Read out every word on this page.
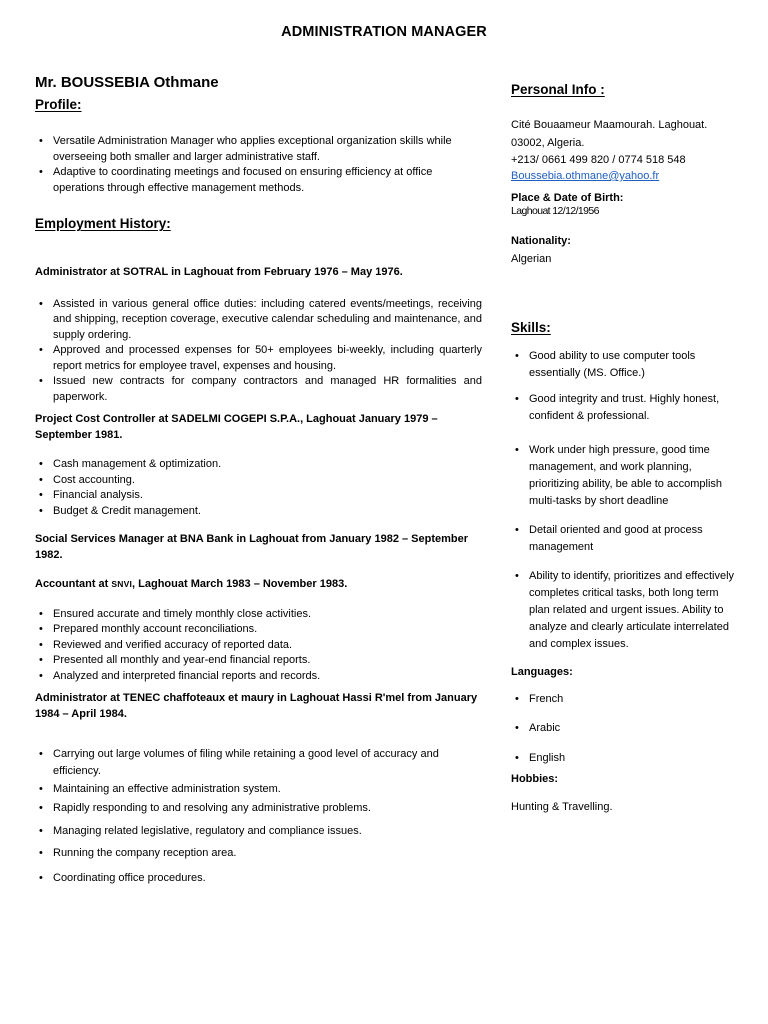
ADMINISTRATION MANAGER

Mr. BOUSSEBIA Othmane

Profile:

• Versatile Administration Manager who applies exceptional organization skills while overseeing both smaller and larger administrative staff.
• Adaptive to coordinating meetings and focused on ensuring efficiency at office operations through effective management methods.

Employment History:

Administrator at SOTRAL in Laghouat from February 1976 – May 1976.

• Assisted in various general office duties: including catered events/meetings, receiving and shipping, reception coverage, executive calendar scheduling and maintenance, and supply ordering.
• Approved and processed expenses for 50+ employees bi-weekly, including quarterly report metrics for employee travel, expenses and housing.
• Issued new contracts for company contractors and managed HR formalities and paperwork.

Project Cost Controller at SADELMI COGEPI S.P.A., Laghouat January 1979 – September 1981.

• Cash management & optimization.
• Cost accounting.
• Financial analysis.
• Budget & Credit management.

Social Services Manager at BNA Bank in Laghouat from January 1982 – September 1982.

Accountant at SNVI, Laghouat March 1983 – November 1983.

• Ensured accurate and timely monthly close activities.
• Prepared monthly account reconciliations.
• Reviewed and verified accuracy of reported data.
• Presented all monthly and year-end financial reports.
• Analyzed and interpreted financial reports and records.

Administrator at TENEC chaffoteaux et maury in Laghouat Hassi R'mel from January 1984 – April 1984.

• Carrying out large volumes of filing while retaining a good level of accuracy and efficiency.
• Maintaining an effective administration system.
• Rapidly responding to and resolving any administrative problems.
• Managing related legislative, regulatory and compliance issues.
• Running the company reception area.
• Coordinating office procedures.

Personal Info :

Cité Bouaameur Maamourah. Laghouat.

03002, Algeria.

+213/ 0661 499 820 / 0774 518 548

Boussebia.othmane@yahoo.fr

Place & Date of Birth:

Laghouat 12/12/1956

Nationality:

Algerian

Skills:

• Good ability to use computer tools essentially (MS. Office.)
• Good integrity and trust. Highly honest, confident & professional.
• Work under high pressure, good time management, and work planning, prioritizing ability, be able to accomplish multi-tasks by short deadline
• Detail oriented and good at process management
• Ability to identify, prioritizes and effectively completes critical tasks, both long term plan related and urgent issues. Ability to analyze and clearly articulate interrelated and complex issues.

Languages:

• French
• Arabic
• English

Hobbies:

Hunting & Travelling.
